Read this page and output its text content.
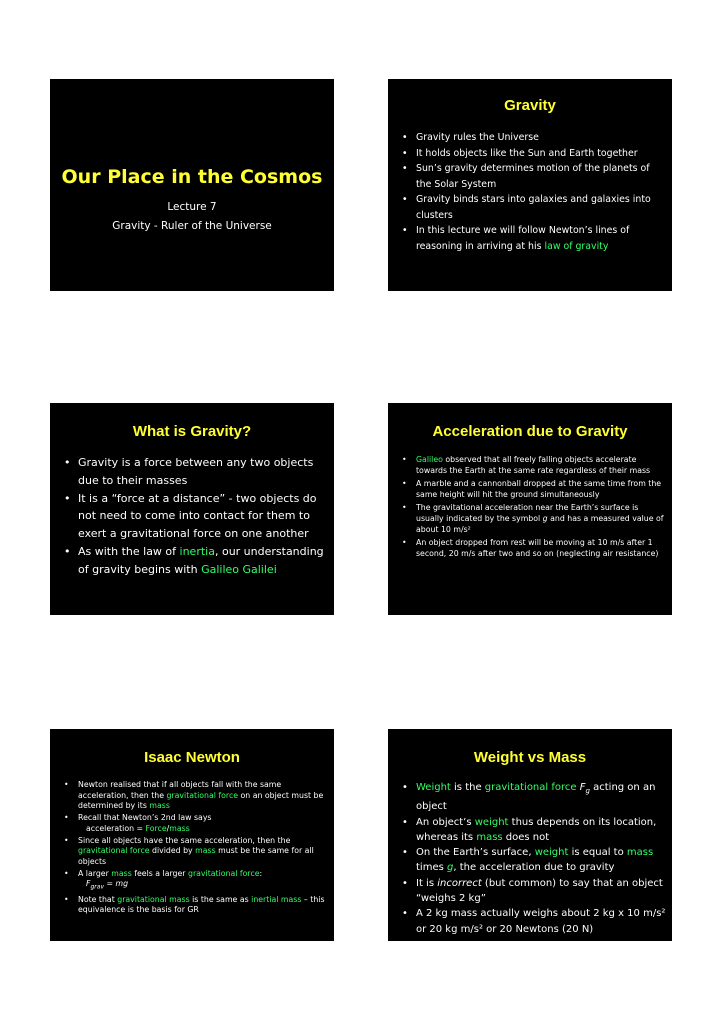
Our Place in the Cosmos
Lecture 7
Gravity - Ruler of the Universe
Gravity
• Gravity rules the Universe
• It holds objects like the Sun and Earth together
• Sun’s gravity determines motion of the planets of the Solar System
• Gravity binds stars into galaxies and galaxies into clusters
• In this lecture we will follow Newton’s lines of reasoning in arriving at his law of gravity
What is Gravity?
• Gravity is a force between any two objects due to their masses
• It is a “force at a distance” - two objects do not need to come into contact for them to exert a gravitational force on one another
• As with the law of inertia, our understanding of gravity begins with Galileo Galilei
Acceleration due to Gravity
• Galileo observed that all freely falling objects accelerate towards the Earth at the same rate regardless of their mass
• A marble and a cannonball dropped at the same time from the same height will hit the ground simultaneously
• The gravitational acceleration near the Earth’s surface is usually indicated by the symbol g and has a measured value of about 10 m/s²
• An object dropped from rest will be moving at 10 m/s after 1 second, 20 m/s after two and so on (neglecting air resistance)
Isaac Newton
• Newton realised that if all objects fall with the same acceleration, then the gravitational force on an object must be determined by its mass
• Recall that Newton’s 2nd law says
acceleration = Force/mass
• Since all objects have the same acceleration, then the gravitational force divided by mass must be the same for all objects
• A larger mass feels a larger gravitational force:
$F_{grav}$ = mg
• Note that gravitational mass is the same as inertial mass – this equivalence is the basis for GR
Weight vs Mass
• Weight is the gravitational force $F_g$ acting on an object
• An object’s weight thus depends on its location, whereas its mass does not
• On the Earth’s surface, weight is equal to mass times g, the acceleration due to gravity
• It is incorrect (but common) to say that an object “weighs 2 kg”
• A 2 kg mass actually weighs about 2 kg x 10 m/s² or 20 kg m/s² or 20 Newtons (20 N)
